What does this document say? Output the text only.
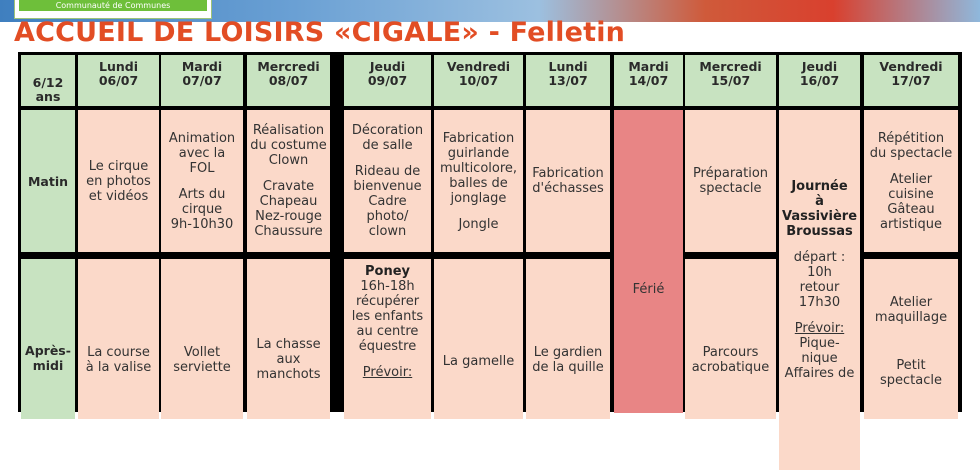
Communauté de Communes
ACCUEIL DE LOISIRS «CIGALE» - Felletin
6/12
ans
Lundi
06/07
Mardi
07/07
Mercredi
08/07
Jeudi
09/07
Vendredi
10/07
Lundi
13/07
Mardi
14/07
Mercredi
15/07
Jeudi
16/07
Vendredi
17/07
Matin
Après-
midi
Le cirque
en photos
et vidéos
Animation
avec la
FOL
Arts du
cirque
9h-10h30
Réalisation
du costume
Clown
Cravate
Chapeau
Nez-rouge
Chaussure
Décoration
de salle
Rideau de
bienvenue
Cadre
photo/
clown
Fabrication
guirlande
multicolore,
balles de
jonglage
Jongle
Fabrication
d'échasses
Férié
Préparation
spectacle Journée
à
Vassivière
Broussas
départ :
10h
retour
17h30
Prévoir:
Pique-
nique
Affaires de
Répétition
du spectacle
Atelier
cuisine
Gâteau
artistique
La course
à la valise
Vollet
serviette
La chasse
aux
manchots
Poney
16h-18h
récupérer
les enfants
au centre
équestre
Prévoir:
La gamelle
Le gardien
de la quille
Parcours
acrobatique
Atelier
maquillage
Petit
spectacle
